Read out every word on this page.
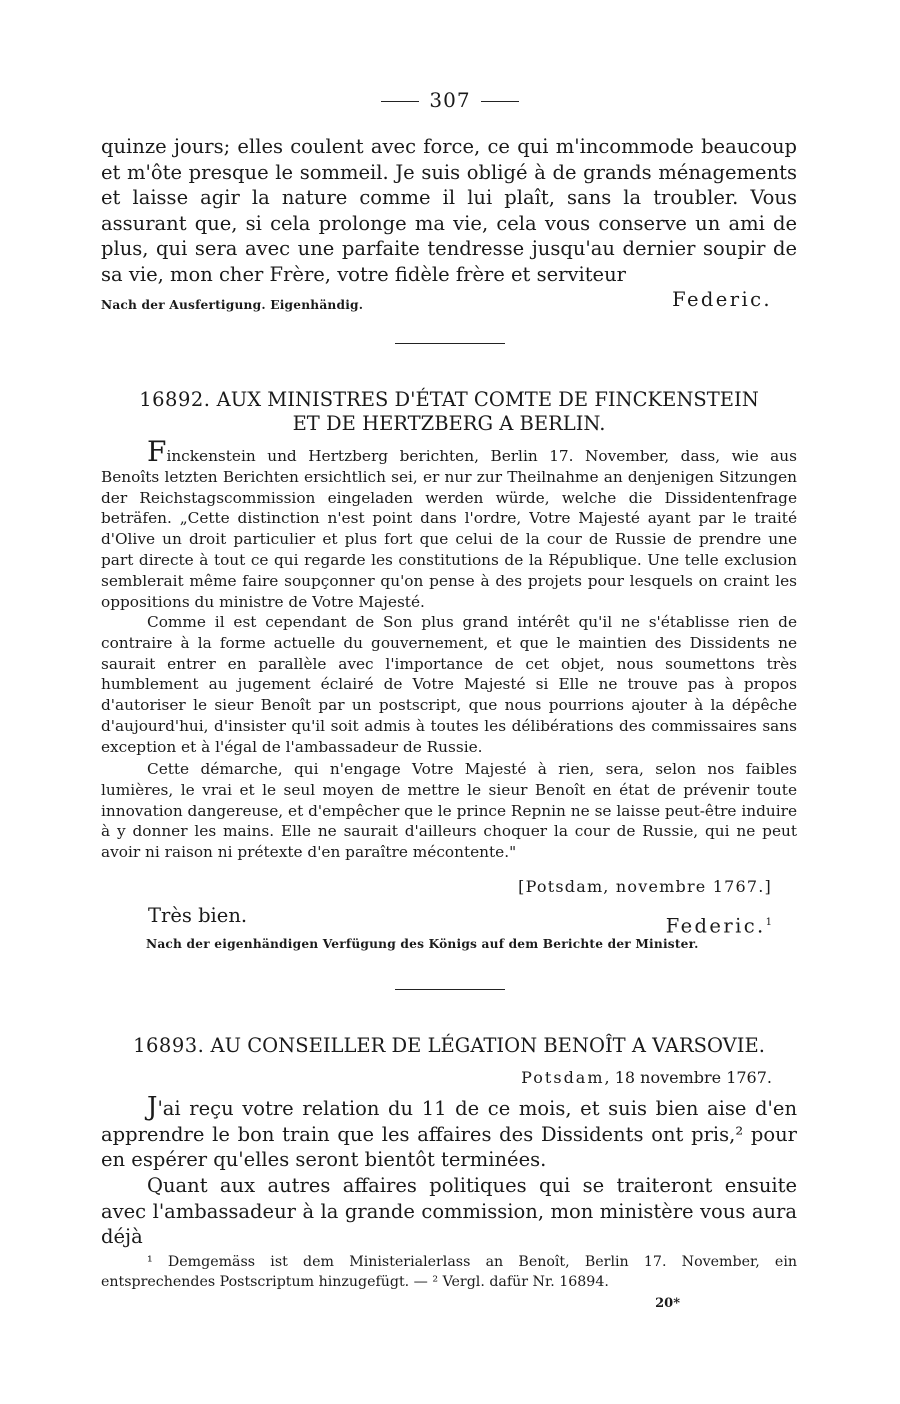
307
quinze jours; elles coulent avec force, ce qui m'incommode beaucoup et m'ôte presque le sommeil. Je suis obligé à de grands ménagements et laisse agir la nature comme il lui plaît, sans la troubler. Vous assurant que, si cela prolonge ma vie, cela vous conserve un ami de plus, qui sera avec une parfaite tendresse jusqu'au dernier soupir de sa vie, mon cher Frère, votre fidèle frère et serviteur
Nach der Ausfertigung. Eigenhändig.	Federic.
16892. AUX MINISTRES D'ÉTAT COMTE DE FINCKENSTEIN
ET DE HERTZBERG A BERLIN.
Finckenstein und Hertzberg berichten, Berlin 17. November, dass, wie aus Benoîts letzten Berichten ersichtlich sei, er nur zur Theilnahme an denjenigen Sitzungen der Reichstagscommission eingeladen werden würde, welche die Dissidentenfrage beträfen. „Cette distinction n'est point dans l'ordre, Votre Majesté ayant par le traité d'Olive un droit particulier et plus fort que celui de la cour de Russie de prendre une part directe à tout ce qui regarde les constitutions de la République. Une telle exclusion semblerait même faire soupçonner qu'on pense à des projets pour lesquels on craint les oppositions du ministre de Votre Majesté.
Comme il est cependant de Son plus grand intérêt qu'il ne s'établisse rien de contraire à la forme actuelle du gouvernement, et que le maintien des Dissidents ne saurait entrer en parallèle avec l'importance de cet objet, nous soumettons très humblement au jugement éclairé de Votre Majesté si Elle ne trouve pas à propos d'autoriser le sieur Benoît par un postscript, que nous pourrions ajouter à la dépêche d'aujourd'hui, d'insister qu'il soit admis à toutes les délibérations des commissaires sans exception et à l'égal de l'ambassadeur de Russie.
Cette démarche, qui n'engage Votre Majesté à rien, sera, selon nos faibles lumières, le vrai et le seul moyen de mettre le sieur Benoît en état de prévenir toute innovation dangereuse, et d'empêcher que le prince Repnin ne se laisse peut-être induire à y donner les mains. Elle ne saurait d'ailleurs choquer la cour de Russie, qui ne peut avoir ni raison ni prétexte d'en paraître mécontente."
[Potsdam, novembre 1767.]
Très bien.	Federic.$^1$
Nach der eigenhändigen Verfügung des Königs auf dem Berichte der Minister.
16893. AU CONSEILLER DE LÉGATION BENOÎT A VARSOVIE.
Potsdam, 18 novembre 1767.
J'ai reçu votre relation du 11 de ce mois, et suis bien aise d'en apprendre le bon train que les affaires des Dissidents ont pris,² pour en espérer qu'elles seront bientôt terminées.
Quant aux autres affaires politiques qui se traiteront ensuite avec l'ambassadeur à la grande commission, mon ministère vous aura déjà
¹ Demgemäss ist dem Ministerialerlass an Benoît, Berlin 17. November, ein entsprechendes Postscriptum hinzugefügt. — ² Vergl. dafür Nr. 16894.
20*
